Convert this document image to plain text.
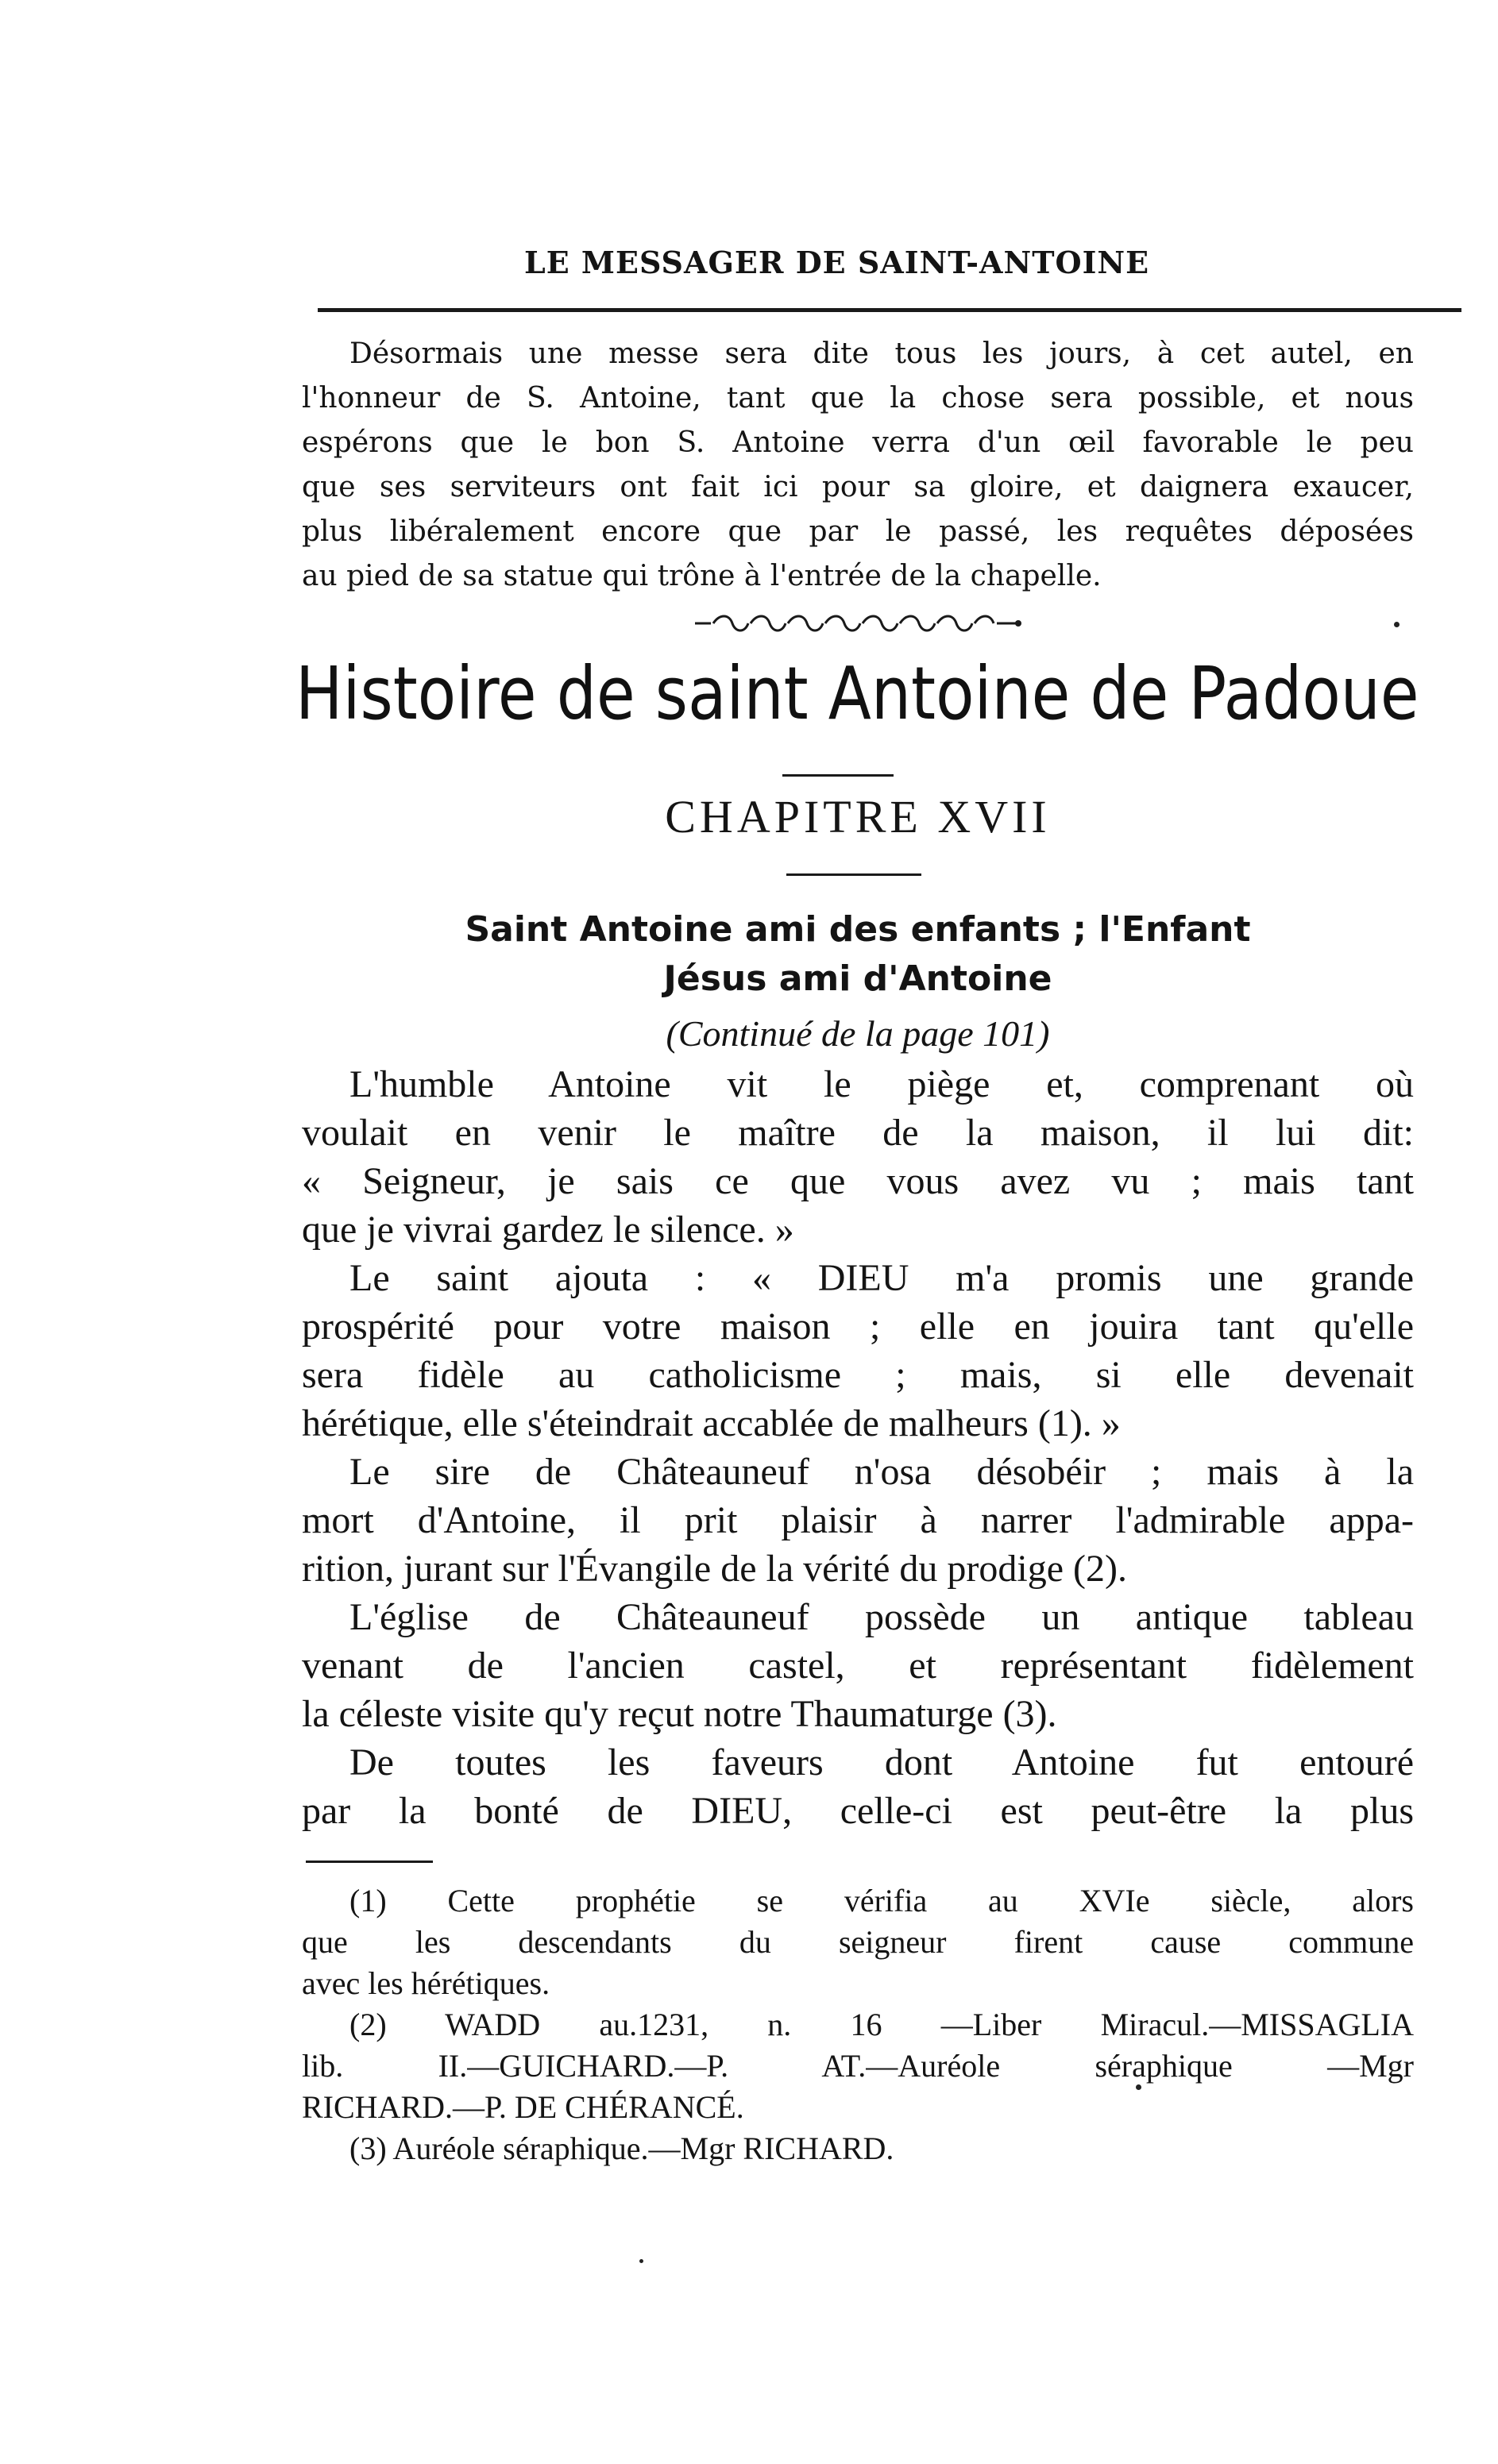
LE MESSAGER DE SAINT-ANTOINE
Désormais une messe sera dite tous les jours, à cet autel, en
l'honneur de S. Antoine, tant que la chose sera possible, et nous
espérons que le bon S. Antoine verra d'un œil favorable le peu
que ses serviteurs ont fait ici pour sa gloire, et daignera exaucer,
plus libéralement encore que par le passé, les requêtes déposées
au pied de sa statue qui trône à l'entrée de la chapelle.
Histoire de saint Antoine de Padoue
CHAPITRE XVII
Saint Antoine ami des enfants ; l'Enfant
Jésus ami d'Antoine
(Continué de la page 101)
L'humble Antoine vit le piège et, comprenant où
voulait en venir le maître de la maison, il lui dit:
« Seigneur, je sais ce que vous avez vu ; mais tant
que je vivrai gardez le silence. »
Le saint ajouta : « DIEU m'a promis une grande
prospérité pour votre maison ; elle en jouira tant qu'elle
sera fidèle au catholicisme ; mais, si elle devenait
hérétique, elle s'éteindrait accablée de malheurs (1). »
Le sire de Châteauneuf n'osa désobéir ; mais à la
mort d'Antoine, il prit plaisir à narrer l'admirable appa-
rition, jurant sur l'Évangile de la vérité du prodige (2).
L'église de Châteauneuf possède un antique tableau
venant de l'ancien castel, et représentant fidèlement
la céleste visite qu'y reçut notre Thaumaturge (3).
De toutes les faveurs dont Antoine fut entouré
par la bonté de DIEU, celle-ci est peut-être la plus
(1) Cette prophétie se vérifia au XVIe siècle, alors
que les descendants du seigneur firent cause commune
avec les hérétiques.
(2) WADD au.1231, n. 16 —Liber Miracul.—MISSAGLIA
lib. II.—GUICHARD.—P. AT.—Auréole séraphique —Mgr
RICHARD.—P. DE CHÉRANCÉ.
(3) Auréole séraphique.—Mgr RICHARD.
